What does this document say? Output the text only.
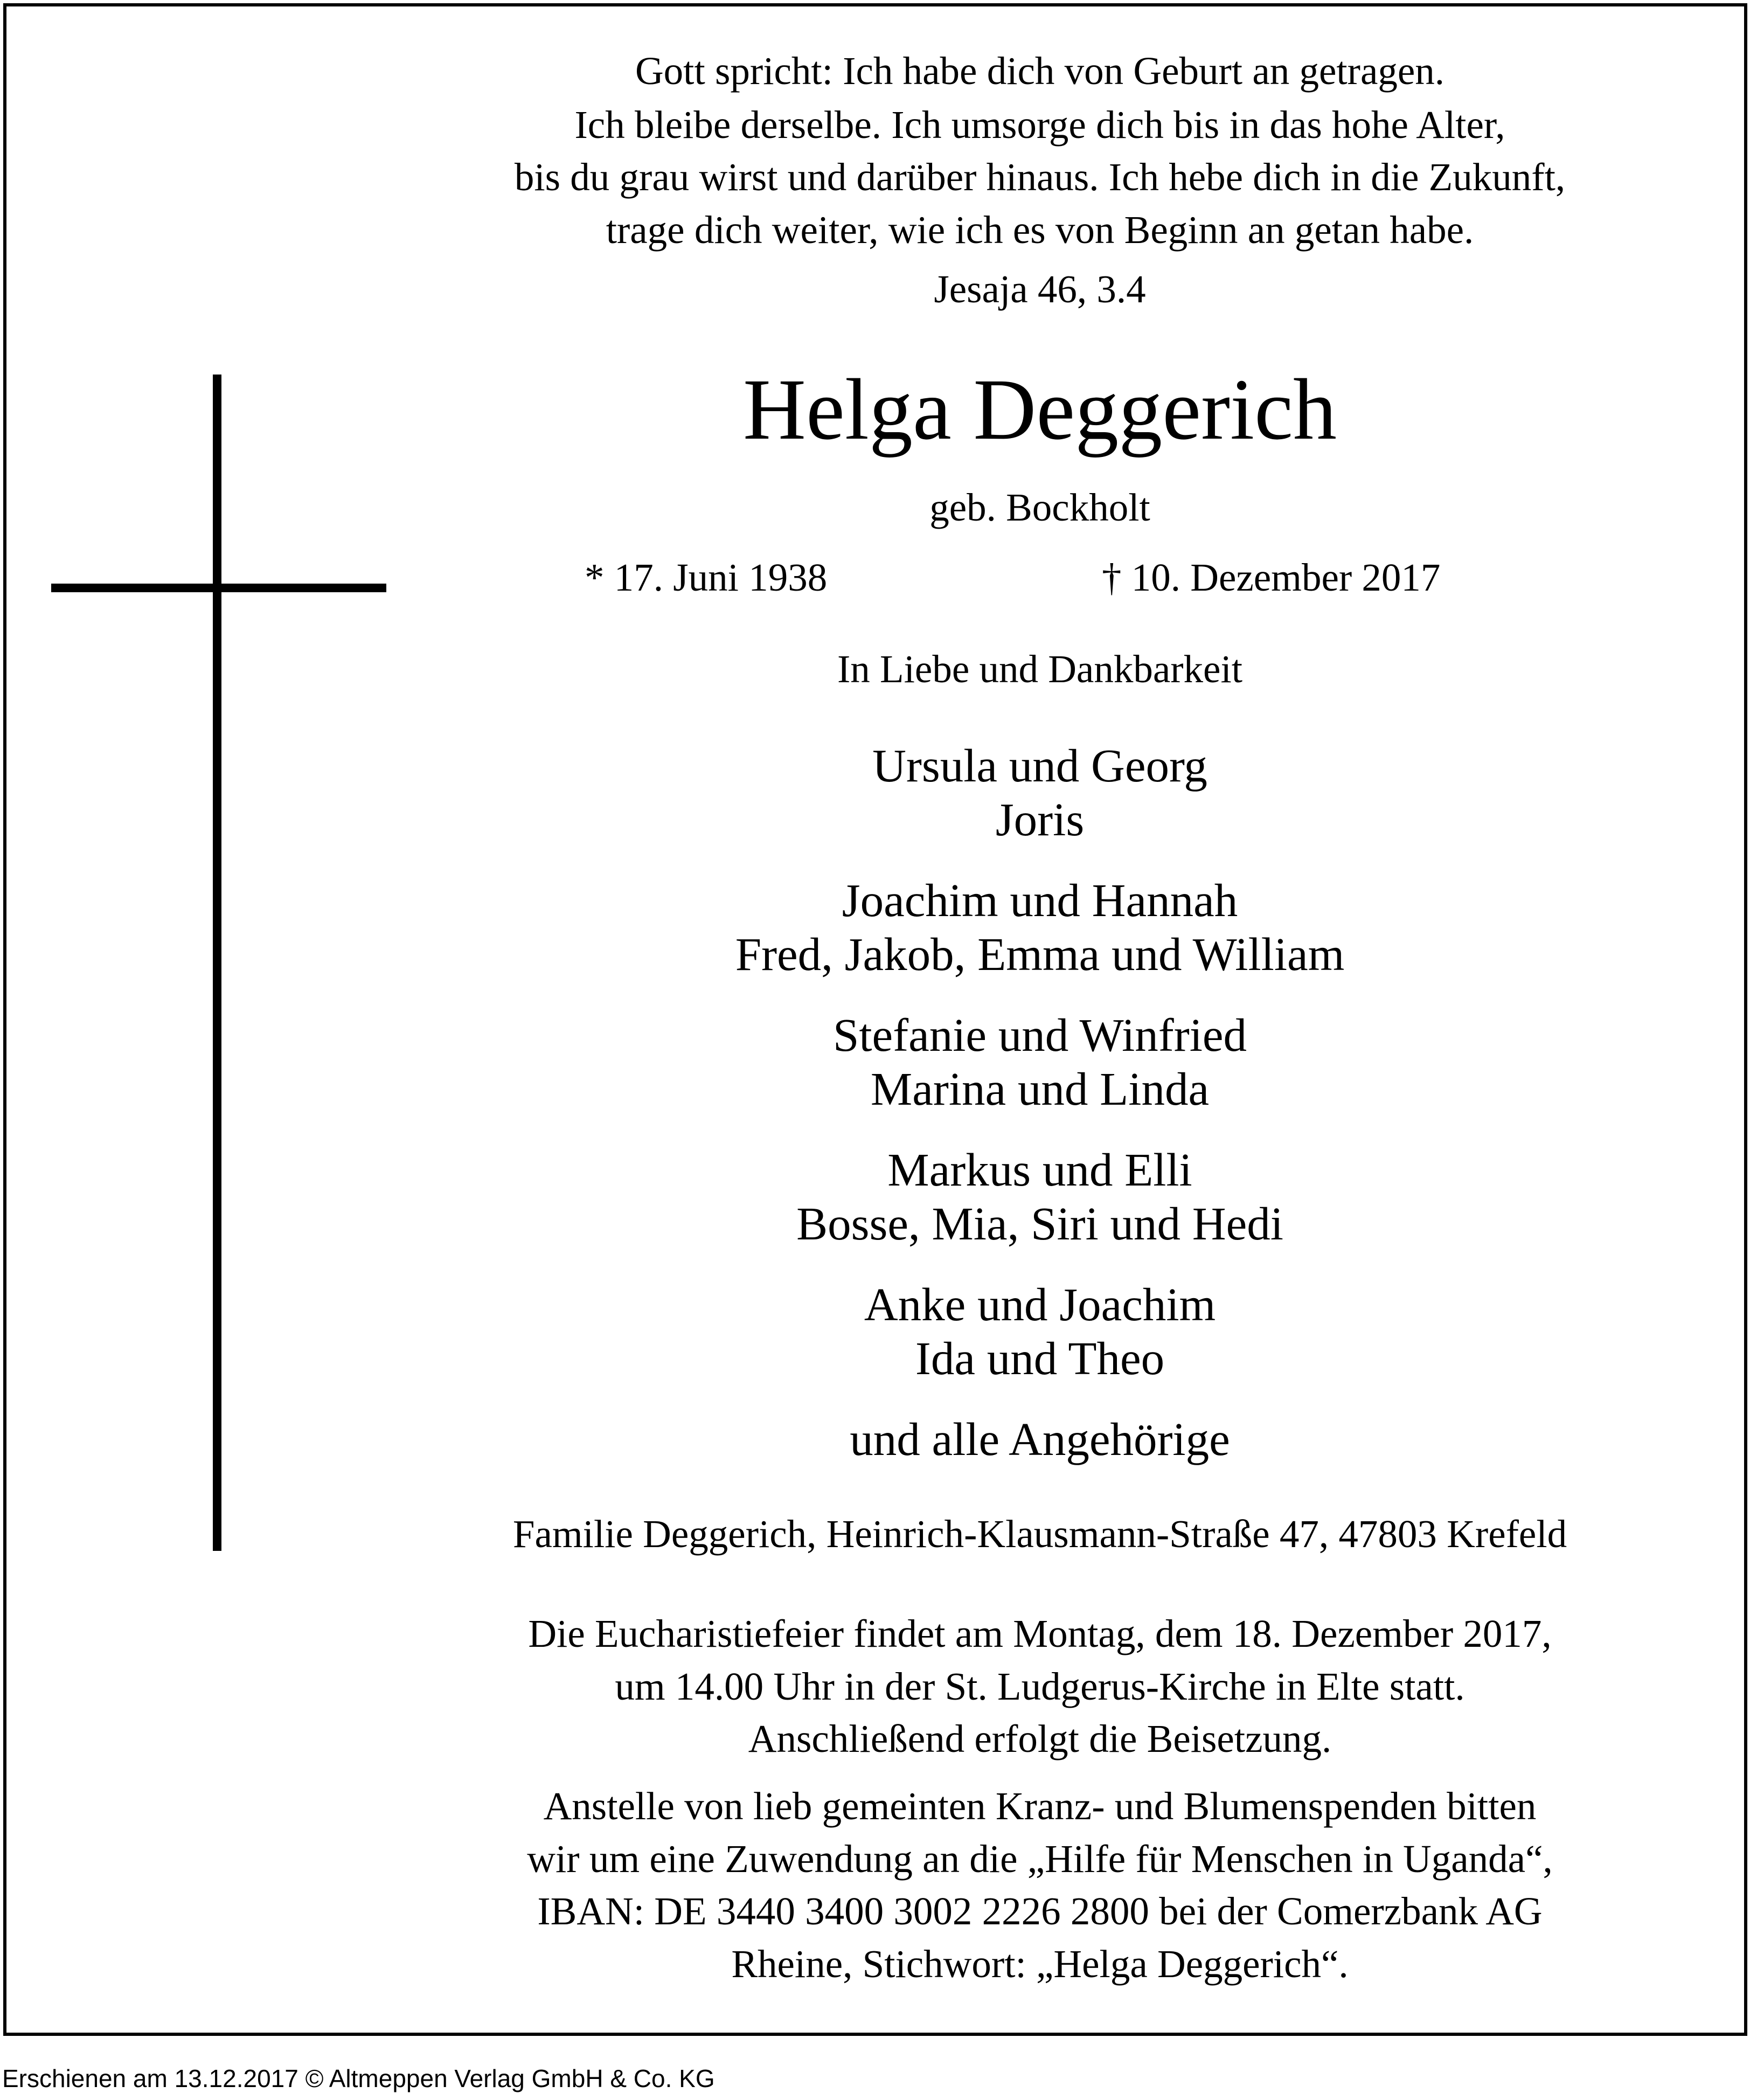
Gott spricht: Ich habe dich von Geburt an getragen.
Ich bleibe derselbe. Ich umsorge dich bis in das hohe Alter,
bis du grau wirst und darüber hinaus. Ich hebe dich in die Zukunft,
trage dich weiter, wie ich es von Beginn an getan habe.
Jesaja 46, 3.4
Helga Deggerich
geb. Bockholt
* 17. Juni 1938	† 10. Dezember 2017
In Liebe und Dankbarkeit
Ursula und Georg
Joris
Joachim und Hannah
Fred, Jakob, Emma und William
Stefanie und Winfried
Marina und Linda
Markus und Elli
Bosse, Mia, Siri und Hedi
Anke und Joachim
Ida und Theo
und alle Angehörige
Familie Deggerich, Heinrich-Klausmann-Straße 47, 47803 Krefeld
Die Eucharistiefeier findet am Montag, dem 18. Dezember 2017,
um 14.00 Uhr in der St. Ludgerus-Kirche in Elte statt.
Anschließend erfolgt die Beisetzung.
Anstelle von lieb gemeinten Kranz- und Blumenspenden bitten
wir um eine Zuwendung an die „Hilfe für Menschen in Uganda“,
IBAN: DE 3440 3400 3002 2226 2800 bei der Comerzbank AG
Rheine, Stichwort: „Helga Deggerich“.
Erschienen am 13.12.2017 © Altmeppen Verlag GmbH & Co. KG
